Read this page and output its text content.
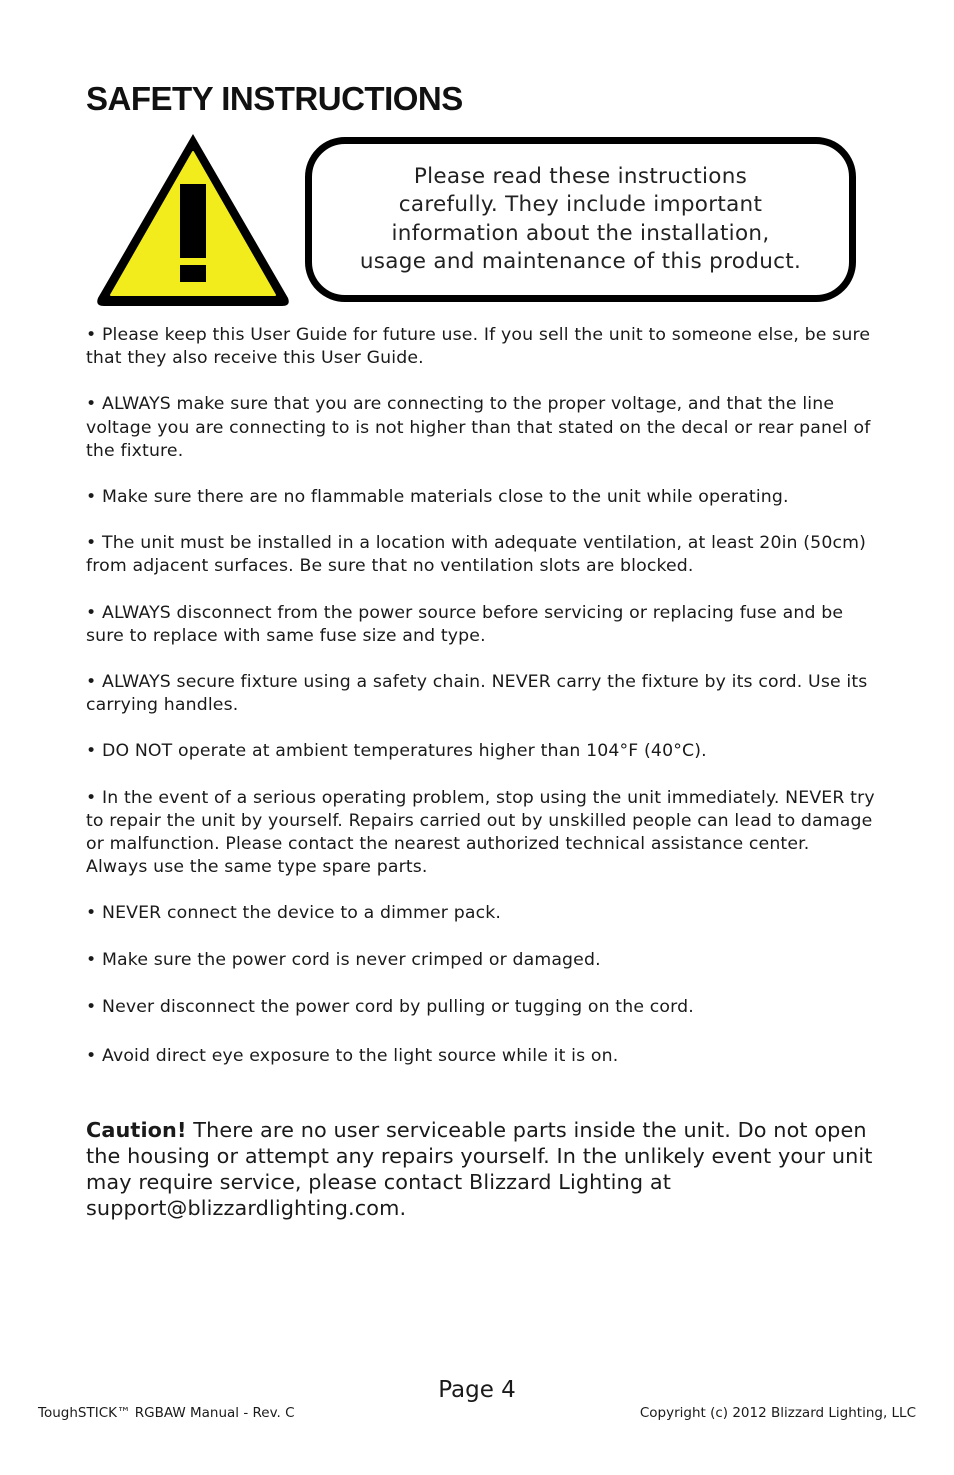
SAFETY INSTRUCTIONS
Please read these instructions
carefully. They include important
information about the installation,
usage and maintenance of this product.

• Please keep this User Guide for future use. If you sell the unit to someone else, be sure that they also receive this User Guide.

• ALWAYS make sure that you are connecting to the proper voltage, and that the line voltage you are connecting to is not higher than that stated on the decal or rear panel of the fixture.

• Make sure there are no flammable materials close to the unit while operating.

• The unit must be installed in a location with adequate ventilation, at least 20in (50cm) from adjacent surfaces. Be sure that no ventilation slots are blocked.

• ALWAYS disconnect from the power source before servicing or replacing fuse and be sure to replace with same fuse size and type.

• ALWAYS secure fixture using a safety chain. NEVER carry the fixture by its cord. Use its carrying handles.

• DO NOT operate at ambient temperatures higher than 104°F (40°C).

• In the event of a serious operating problem, stop using the unit immediately. NEVER try to repair the unit by yourself. Repairs carried out by unskilled people can lead to damage or malfunction. Please contact the nearest authorized technical assistance center. Always use the same type spare parts.

• NEVER connect the device to a dimmer pack.

• Make sure the power cord is never crimped or damaged.

• Never disconnect the power cord by pulling or tugging on the cord.

• Avoid direct eye exposure to the light source while it is on.

Caution! There are no user serviceable parts inside the unit. Do not open the housing or attempt any repairs yourself. In the unlikely event your unit may require service, please contact Blizzard Lighting at support@blizzardlighting.com.
Page 4
ToughSTICK™ RGBAW Manual - Rev. C	Copyright (c) 2012 Blizzard Lighting, LLC
